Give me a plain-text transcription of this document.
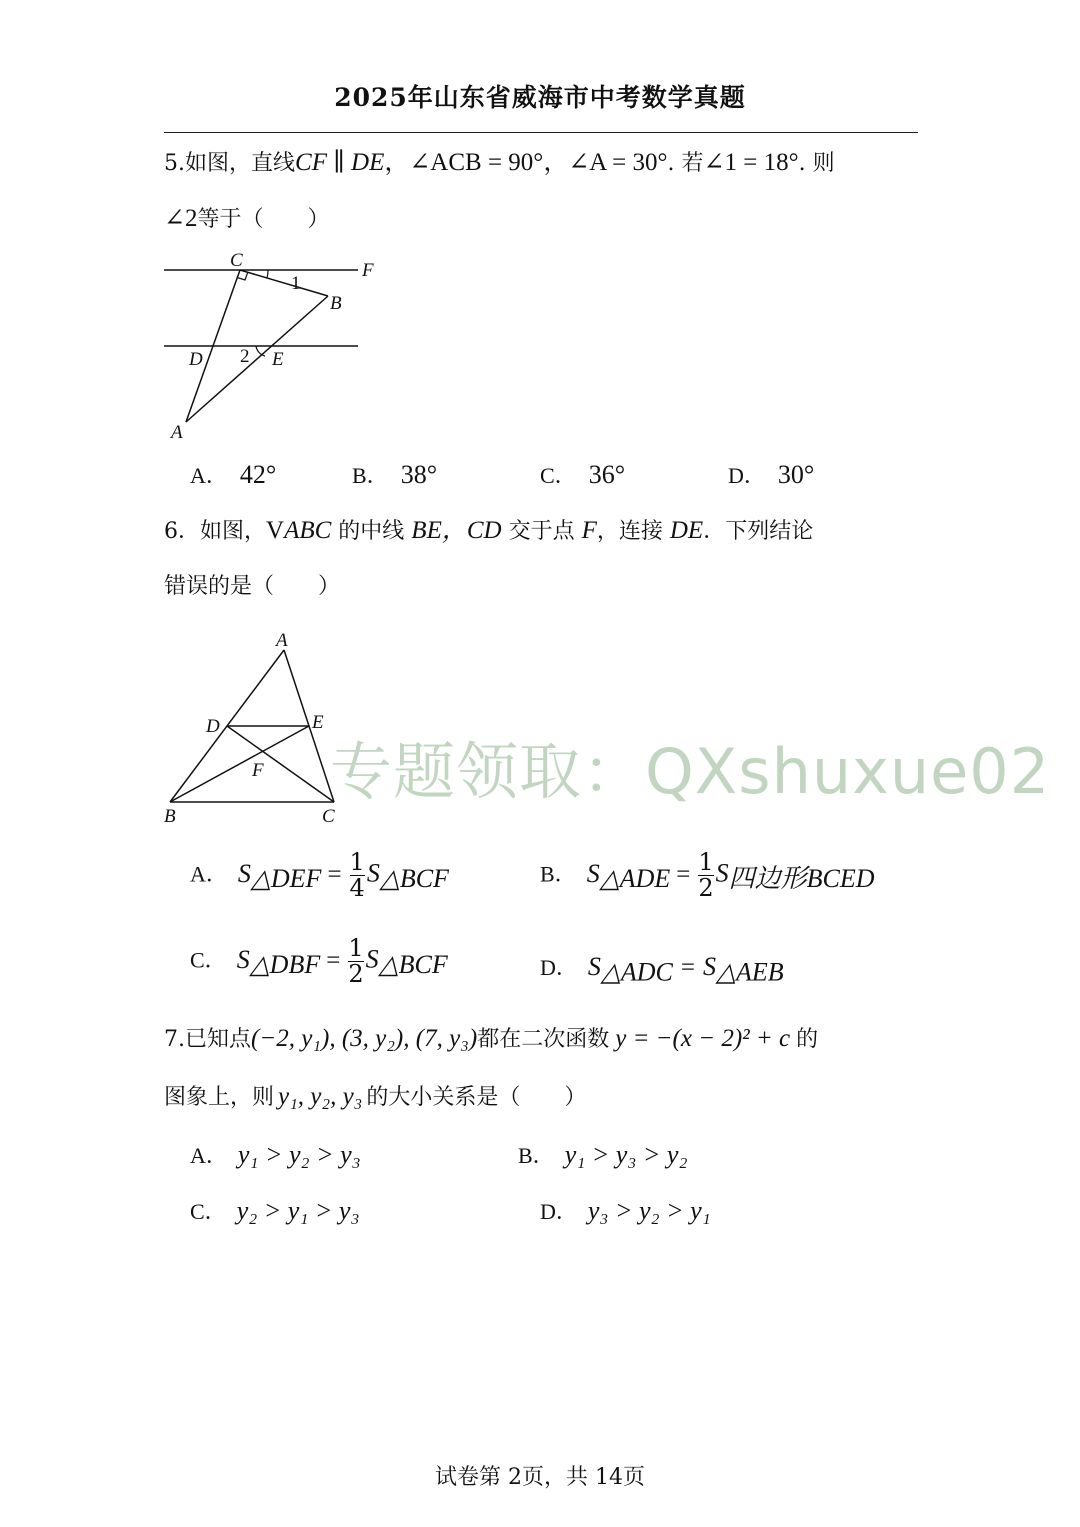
2025年山东省威海市中考数学真题
5.如图，直线CF ∥ DE，∠ACB = 90°，∠A = 30°. 若∠1 = 18°. 则
∠2等于（　　）
C	F
1
B
D 2 E
A
A． 42°	B． 38°	C． 36°	D． 30°
6．如图，VABC 的中线 BE，CD 交于点 F，连接 DE．下列结论
错误的是（　　）
A
D	E
F
B	C
专题领取：QXshuxue02
A． $S_{\triangle DEF} = \frac{1}{4} S_{\triangle BCF}$	B． $S_{\triangle ADE} = \frac{1}{2} S_{四边形BCED}$
C． $S_{\triangle DBF} = \frac{1}{2} S_{\triangle BCF}$	D． $S_{\triangle ADC} = S_{\triangle AEB}$
7.已知点(−2, y₁), (3, y₂), (7, y₃)都在二次函数 y = −(x − 2)² + c 的
图象上，则 y₁, y₂, y₃ 的大小关系是（　　）
A． y₁ > y₂ > y₃	B． y₁ > y₃ > y₂
C． y₂ > y₁ > y₃	D． y₃ > y₂ > y₁
试卷第 2页，共 14页
